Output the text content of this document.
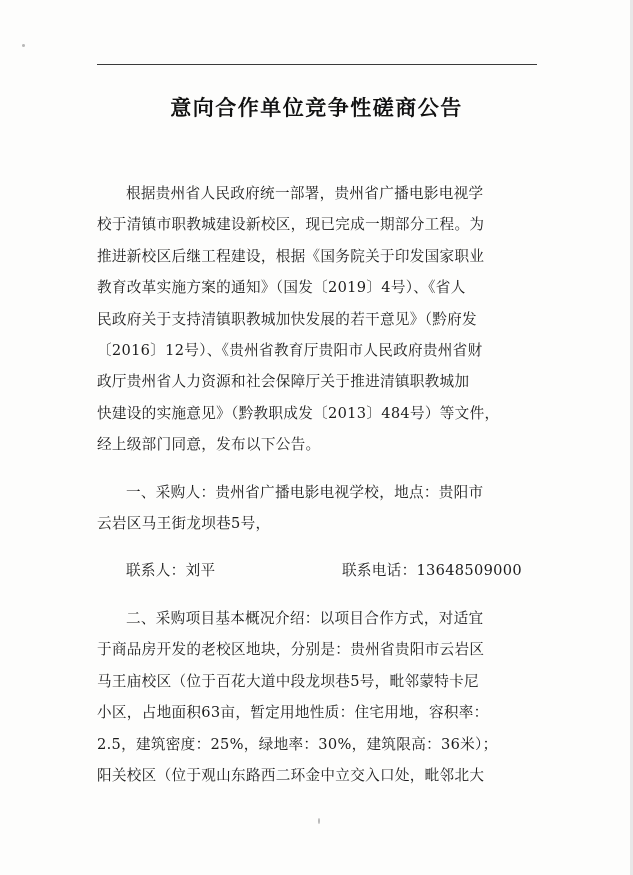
意向合作单位竞争性磋商公告
根据贵州省人民政府统一部署，贵州省广播电影电视学
校于清镇市职教城建设新校区，现已完成一期部分工程。为
推进新校区后继工程建设，根据《国务院关于印发国家职业
教育改革实施方案的通知》（国发〔2019〕4号）、《省人
民政府关于支持清镇职教城加快发展的若干意见》（黔府发
〔2016〕12号）、《贵州省教育厅贵阳市人民政府贵州省财
政厅贵州省人力资源和社会保障厅关于推进清镇职教城加
快建设的实施意见》（黔教职成发〔2013〕484号）等文件，
经上级部门同意，发布以下公告。
一、采购人：贵州省广播电影电视学校，地点：贵阳市
云岩区马王街龙坝巷5号，
联系人：刘平	联系电话：13648509000
二、采购项目基本概况介绍：以项目合作方式，对适宜
于商品房开发的老校区地块，分别是：贵州省贵阳市云岩区
马王庙校区（位于百花大道中段龙坝巷5号，毗邻蒙特卡尼
小区，占地面积63亩，暂定用地性质：住宅用地，容积率：
2.5，建筑密度：25%，绿地率：30%，建筑限高：36米）；
阳关校区（位于观山东路西二环金中立交入口处，毗邻北大
